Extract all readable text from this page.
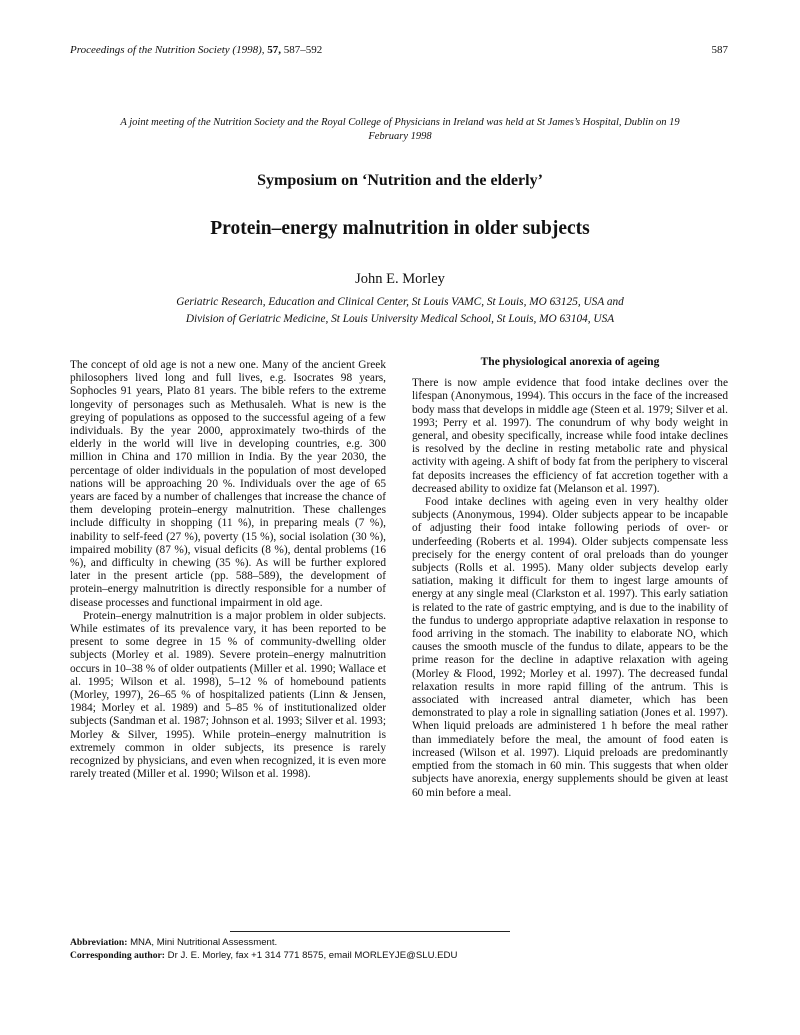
Proceedings of the Nutrition Society (1998), 57, 587–592	587
A joint meeting of the Nutrition Society and the Royal College of Physicians in Ireland was held at St James’s Hospital, Dublin on 19 February 1998
Symposium on ‘Nutrition and the elderly’
Protein–energy malnutrition in older subjects
John E. Morley
Geriatric Research, Education and Clinical Center, St Louis VAMC, St Louis, MO 63125, USA and
Division of Geriatric Medicine, St Louis University Medical School, St Louis, MO 63104, USA

The concept of old age is not a new one. Many of the ancient Greek philosophers lived long and full lives, e.g. Isocrates 98 years, Sophocles 91 years, Plato 81 years. The bible refers to the extreme longevity of personages such as Methusaleh. What is new is the greying of populations as opposed to the successful ageing of a few individuals. By the year 2000, approximately two-thirds of the elderly in the world will live in developing countries, e.g. 300 million in China and 170 million in India. By the year 2030, the percentage of older individuals in the population of most developed nations will be approaching 20 %. Individuals over the age of 65 years are faced by a number of challenges that increase the chance of them developing protein–energy malnutrition. These challenges include difficulty in shopping (11 %), in preparing meals (7 %), inability to self-feed (27 %), poverty (15 %), social isolation (30 %), impaired mobility (87 %), visual deficits (8 %), dental problems (16 %), and difficulty in chewing (35 %). As will be further explored later in the present article (pp. 588–589), the development of protein–energy malnutrition is directly responsible for a number of disease processes and functional impairment in old age.

Protein–energy malnutrition is a major problem in older subjects. While estimates of its prevalence vary, it has been reported to be present to some degree in 15 % of community-dwelling older subjects (Morley et al. 1989). Severe protein–energy malnutrition occurs in 10–38 % of older outpatients (Miller et al. 1990; Wallace et al. 1995; Wilson et al. 1998), 5–12 % of homebound patients (Morley, 1997), 26–65 % of hospitalized patients (Linn & Jensen, 1984; Morley et al. 1989) and 5–85 % of institutionalized older subjects (Sandman et al. 1987; Johnson et al. 1993; Silver et al. 1993; Morley & Silver, 1995). While protein–energy malnutrition is extremely common in older subjects, its presence is rarely recognized by physicians, and even when recognized, it is even more rarely treated (Miller et al. 1990; Wilson et al. 1998).

The physiological anorexia of ageing

There is now ample evidence that food intake declines over the lifespan (Anonymous, 1994). This occurs in the face of the increased body mass that develops in middle age (Steen et al. 1979; Silver et al. 1993; Perry et al. 1997). The conundrum of why body weight in general, and obesity specifically, increase while food intake declines is resolved by the decline in resting metabolic rate and physical activity with ageing. A shift of body fat from the periphery to visceral fat deposits increases the efficiency of fat accretion together with a decreased ability to oxidize fat (Melanson et al. 1997).

Food intake declines with ageing even in very healthy older subjects (Anonymous, 1994). Older subjects appear to be incapable of adjusting their food intake following periods of over- or underfeeding (Roberts et al. 1994). Older subjects compensate less precisely for the energy content of oral preloads than do younger subjects (Rolls et al. 1995). Many older subjects develop early satiation, making it difficult for them to ingest large amounts of energy at any single meal (Clarkston et al. 1997). This early satiation is related to the rate of gastric emptying, and is due to the inability of the fundus to undergo appropriate adaptive relaxation in response to food arriving in the stomach. The inability to elaborate NO, which causes the smooth muscle of the fundus to dilate, appears to be the prime reason for the decline in adaptive relaxation with ageing (Morley & Flood, 1992; Morley et al. 1997). The decreased fundal relaxation results in more rapid filling of the antrum. This is associated with increased antral diameter, which has been demonstrated to play a role in signalling satiation (Jones et al. 1997). When liquid preloads are administered 1 h before the meal rather than immediately before the meal, the amount of food eaten is increased (Wilson et al. 1997). Liquid preloads are predominantly emptied from the stomach in 60 min. This suggests that when older subjects have anorexia, energy supplements should be given at least 60 min before a meal.

Abbreviation: MNA, Mini Nutritional Assessment.
Corresponding author: Dr J. E. Morley, fax +1 314 771 8575, email MORLEYJE@SLU.EDU
